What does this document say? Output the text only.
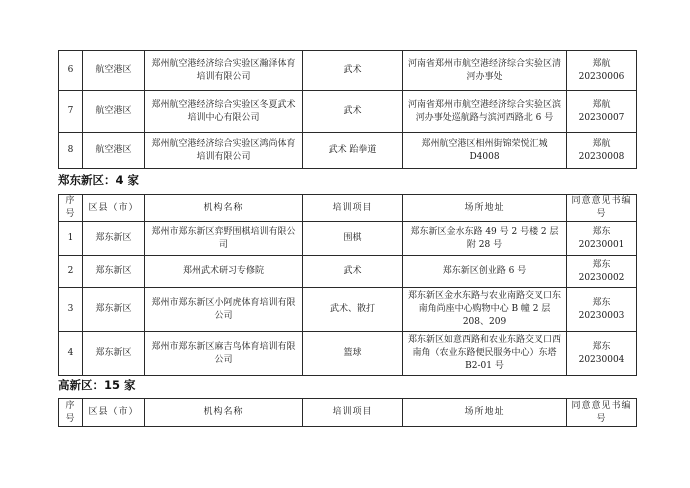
6	航空港区	郑州航空港经济综合实验区瀚泽体育培训有限公司	武术	河南省郑州市航空港经济综合实验区清河办事处	郑航 20230006
7	航空港区	郑州航空港经济综合实验区冬夏武术培训中心有限公司	武术	河南省郑州市航空港经济综合实验区滨河办事处巡航路与滨河西路北 6 号	郑航 20230007
8	航空港区	郑州航空港经济综合实验区鸿尚体育培训有限公司	武术 跆拳道	郑州航空港区相州街锦荣悦汇城 D4008	郑航 20230008
郑东新区：4 家
序号	区县（市）	机构名称	培训项目	场所地址	同意意见书编号
1	郑东新区	郑州市郑东新区弈野围棋培训有限公司	围棋	郑东新区金水东路 49 号 2 号楼 2 层附 28 号	郑东 20230001
2	郑东新区	郑州武术研习专修院	武术	郑东新区创业路 6 号	郑东 20230002
3	郑东新区	郑州市郑东新区小阿虎体育培训有限公司	武术、散打	郑东新区金水东路与农业南路交叉口东南角尚座中心购物中心 B 幢 2 层 208、209	郑东 20230003
4	郑东新区	郑州市郑东新区麻吉鸟体育培训有限公司	篮球	郑东新区如意西路和农业东路交叉口西南角（农业东路便民服务中心）东塔 B2-01 号	郑东 20230004
高新区：15 家
序号	区县（市）	机构名称	培训项目	场所地址	同意意见书编号
